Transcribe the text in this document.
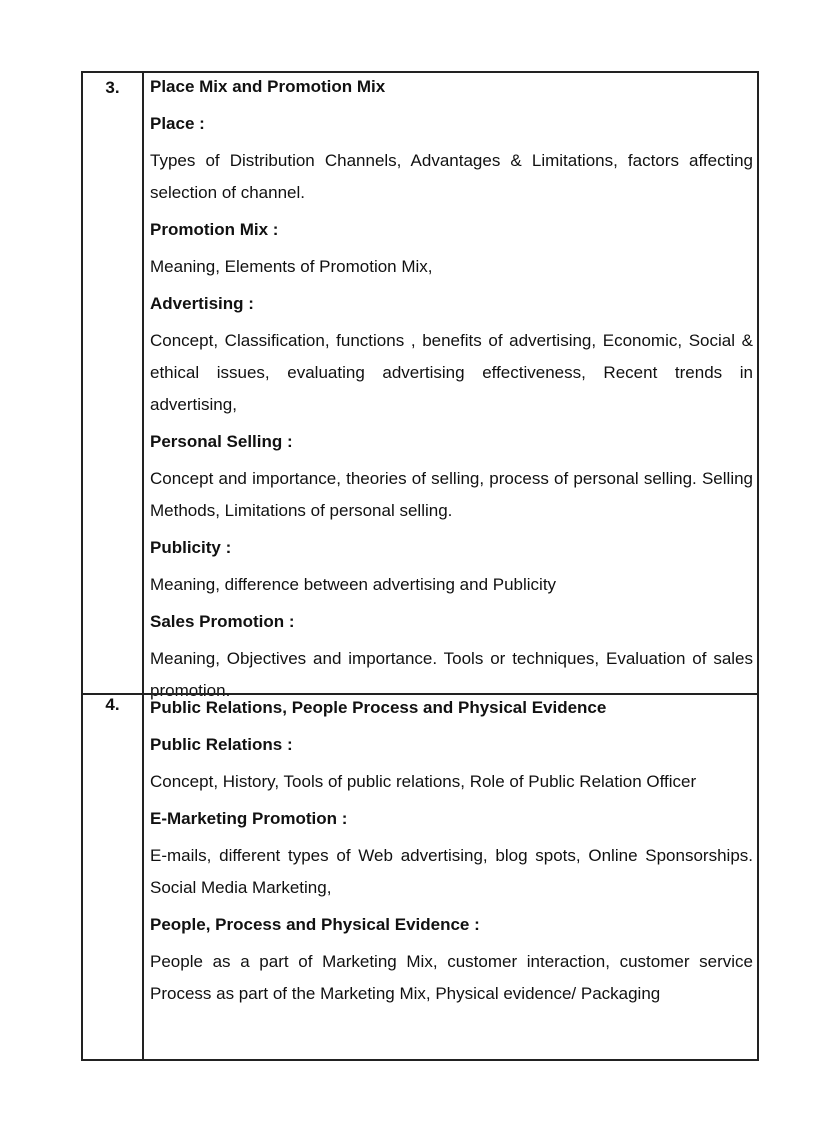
3.	Place Mix and Promotion Mix

Place :

Types of Distribution Channels, Advantages & Limitations, factors affecting selection of channel.

Promotion Mix :

Meaning, Elements of Promotion Mix,

Advertising :

Concept, Classification, functions , benefits of advertising, Economic, Social & ethical issues, evaluating advertising effectiveness, Recent trends in advertising,

Personal Selling :

Concept and importance, theories of selling, process of personal selling. Selling Methods, Limitations of personal selling.

Publicity :

Meaning, difference between advertising and Publicity

Sales Promotion :

Meaning, Objectives and importance. Tools or techniques, Evaluation of sales promotion.

4.	Public Relations, People Process and Physical Evidence

Public Relations :

Concept, History, Tools of public relations, Role of Public Relation Officer

E-Marketing Promotion :

E-mails, different types of Web advertising, blog spots, Online Sponsorships. Social Media Marketing,

People, Process and Physical Evidence :

People as a part of Marketing Mix, customer interaction, customer service Process as part of the Marketing Mix, Physical evidence/ Packaging
